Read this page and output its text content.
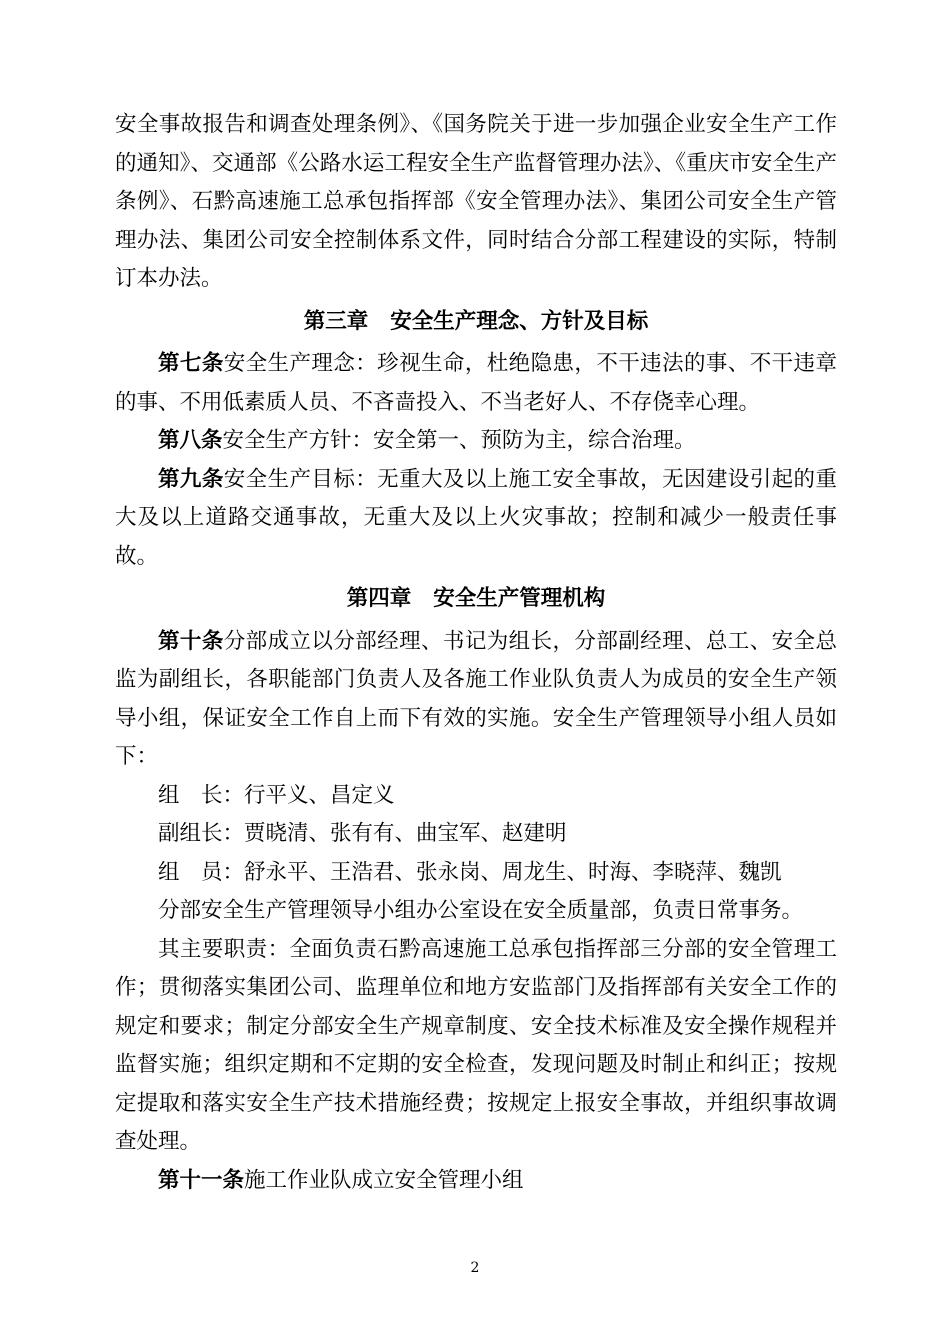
安全事故报告和调查处理条例》、《国务院关于进一步加强企业安全生产工作的通知》、交通部《公路水运工程安全生产监督管理办法》、《重庆市安全生产条例》、石黔高速施工总承包指挥部《安全管理办法》、集团公司安全生产管理办法、集团公司安全控制体系文件，同时结合分部工程建设的实际，特制订本办法。

第三章 安全生产理念、方针及目标

第七条安全生产理念：珍视生命，杜绝隐患，不干违法的事、不干违章的事、不用低素质人员、不吝啬投入、不当老好人、不存侥幸心理。

第八条安全生产方针：安全第一、预防为主，综合治理。

第九条安全生产目标：无重大及以上施工安全事故，无因建设引起的重大及以上道路交通事故，无重大及以上火灾事故；控制和减少一般责任事故。

第四章 安全生产管理机构

第十条分部成立以分部经理、书记为组长，分部副经理、总工、安全总监为副组长，各职能部门负责人及各施工作业队负责人为成员的安全生产领导小组，保证安全工作自上而下有效的实施。安全生产管理领导小组人员如下：

组　长：行平义、昌定义

副组长：贾晓清、张有有、曲宝军、赵建明

组　员：舒永平、王浩君、张永岗、周龙生、时海、李晓萍、魏凯

分部安全生产管理领导小组办公室设在安全质量部，负责日常事务。

其主要职责：全面负责石黔高速施工总承包指挥部三分部的安全管理工作；贯彻落实集团公司、监理单位和地方安监部门及指挥部有关安全工作的规定和要求；制定分部安全生产规章制度、安全技术标准及安全操作规程并监督实施；组织定期和不定期的安全检查，发现问题及时制止和纠正；按规定提取和落实安全生产技术措施经费；按规定上报安全事故，并组织事故调查处理。

第十一条施工作业队成立安全管理小组

2
